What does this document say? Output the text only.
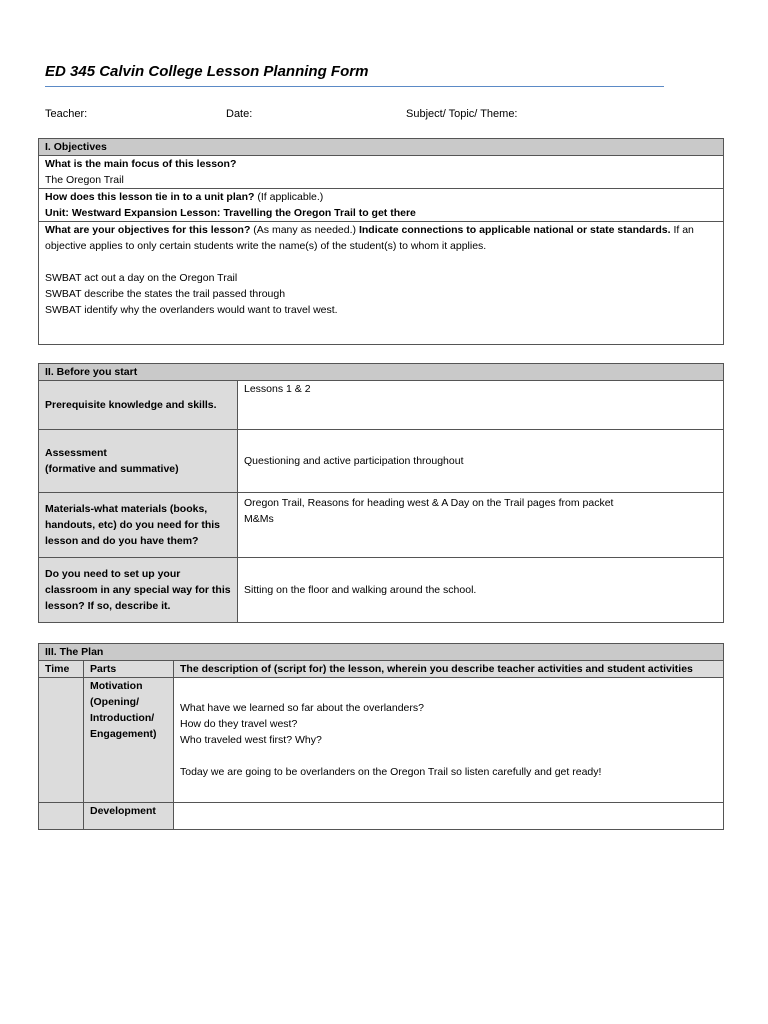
ED 345 Calvin College Lesson Planning Form
Teacher:	Date:	Subject/ Topic/ Theme:
I. Objectives

What is the main focus of this lesson?
The Oregon Trail

How does this lesson tie in to a unit plan? (If applicable.)
Unit: Westward Expansion Lesson: Travelling the Oregon Trail to get there

What are your objectives for this lesson? (As many as needed.) Indicate connections to applicable national or state standards. If an objective applies to only certain students write the name(s) of the student(s) to whom it applies.
SWBAT act out a day on the Oregon Trail
SWBAT describe the states the trail passed through
SWBAT identify why the overlanders would want to travel west.
II. Before you start	
Prerequisite knowledge and skills.	Lessons 1 & 2

Assessment
(formative and summative)	Questioning and active participation throughout

Materials-what materials (books, handouts, etc) do you need for this lesson and do you have them?	Oregon Trail, Reasons for heading west & A Day on the Trail pages from packet
M&Ms

Do you need to set up your classroom in any special way for this lesson? If so, describe it.	Sitting on the floor and walking around the school.
III. The Plan		
Time	Parts	The description of (script for) the lesson, wherein you describe teacher activities and student activities

	Motivation
(Opening/
Introduction/
Engagement)	What have we learned so far about the overlanders?
How do they travel west?
Who traveled west first? Why?
Today we are going to be overlanders on the Oregon Trail so listen carefully and get ready!

	Development	
